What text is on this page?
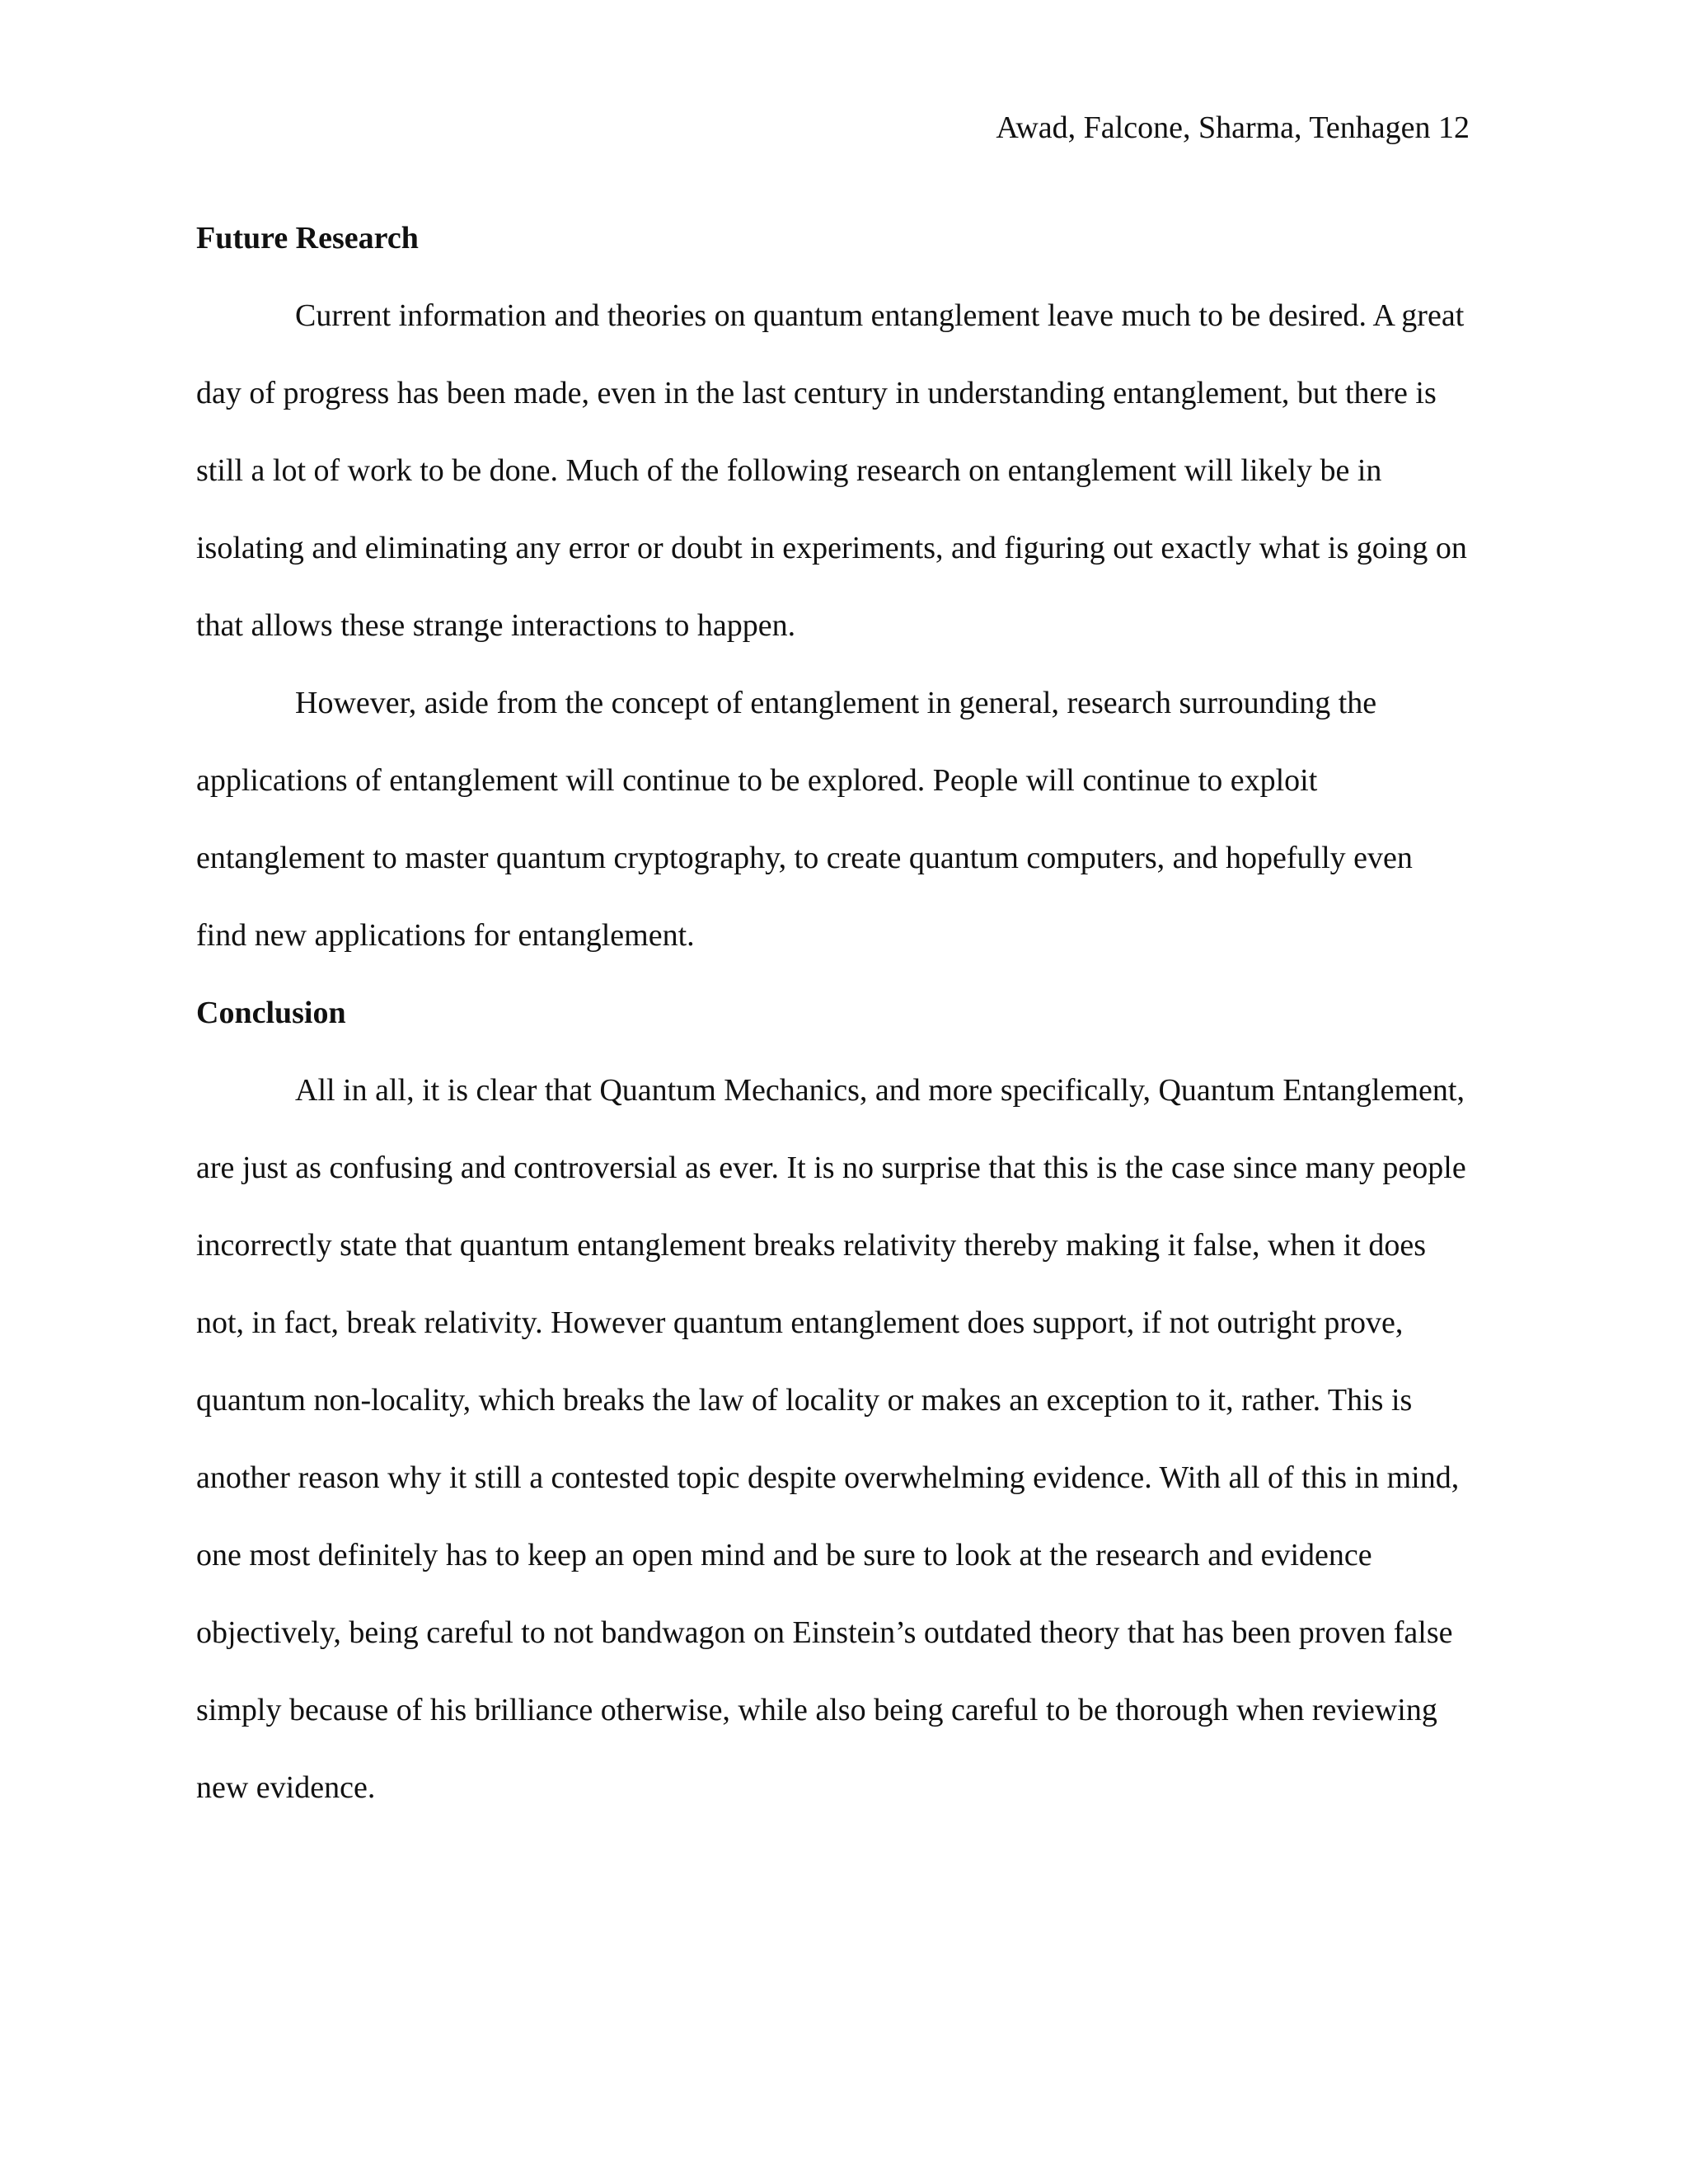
Awad, Falcone, Sharma, Tenhagen 12
Future Research

Current information and theories on quantum entanglement leave much to be desired. A great day of progress has been made, even in the last century in understanding entanglement, but there is still a lot of work to be done. Much of the following research on entanglement will likely be in isolating and eliminating any error or doubt in experiments, and figuring out exactly what is going on that allows these strange interactions to happen.

However, aside from the concept of entanglement in general, research surrounding the applications of entanglement will continue to be explored. People will continue to exploit entanglement to master quantum cryptography, to create quantum computers, and hopefully even find new applications for entanglement.

Conclusion

All in all, it is clear that Quantum Mechanics, and more specifically, Quantum Entanglement, are just as confusing and controversial as ever. It is no surprise that this is the case since many people incorrectly state that quantum entanglement breaks relativity thereby making it false, when it does not, in fact, break relativity. However quantum entanglement does support, if not outright prove, quantum non-locality, which breaks the law of locality or makes an exception to it, rather. This is another reason why it still a contested topic despite overwhelming evidence. With all of this in mind, one most definitely has to keep an open mind and be sure to look at the research and evidence objectively, being careful to not bandwagon on Einstein’s outdated theory that has been proven false simply because of his brilliance otherwise, while also being careful to be thorough when reviewing new evidence.
